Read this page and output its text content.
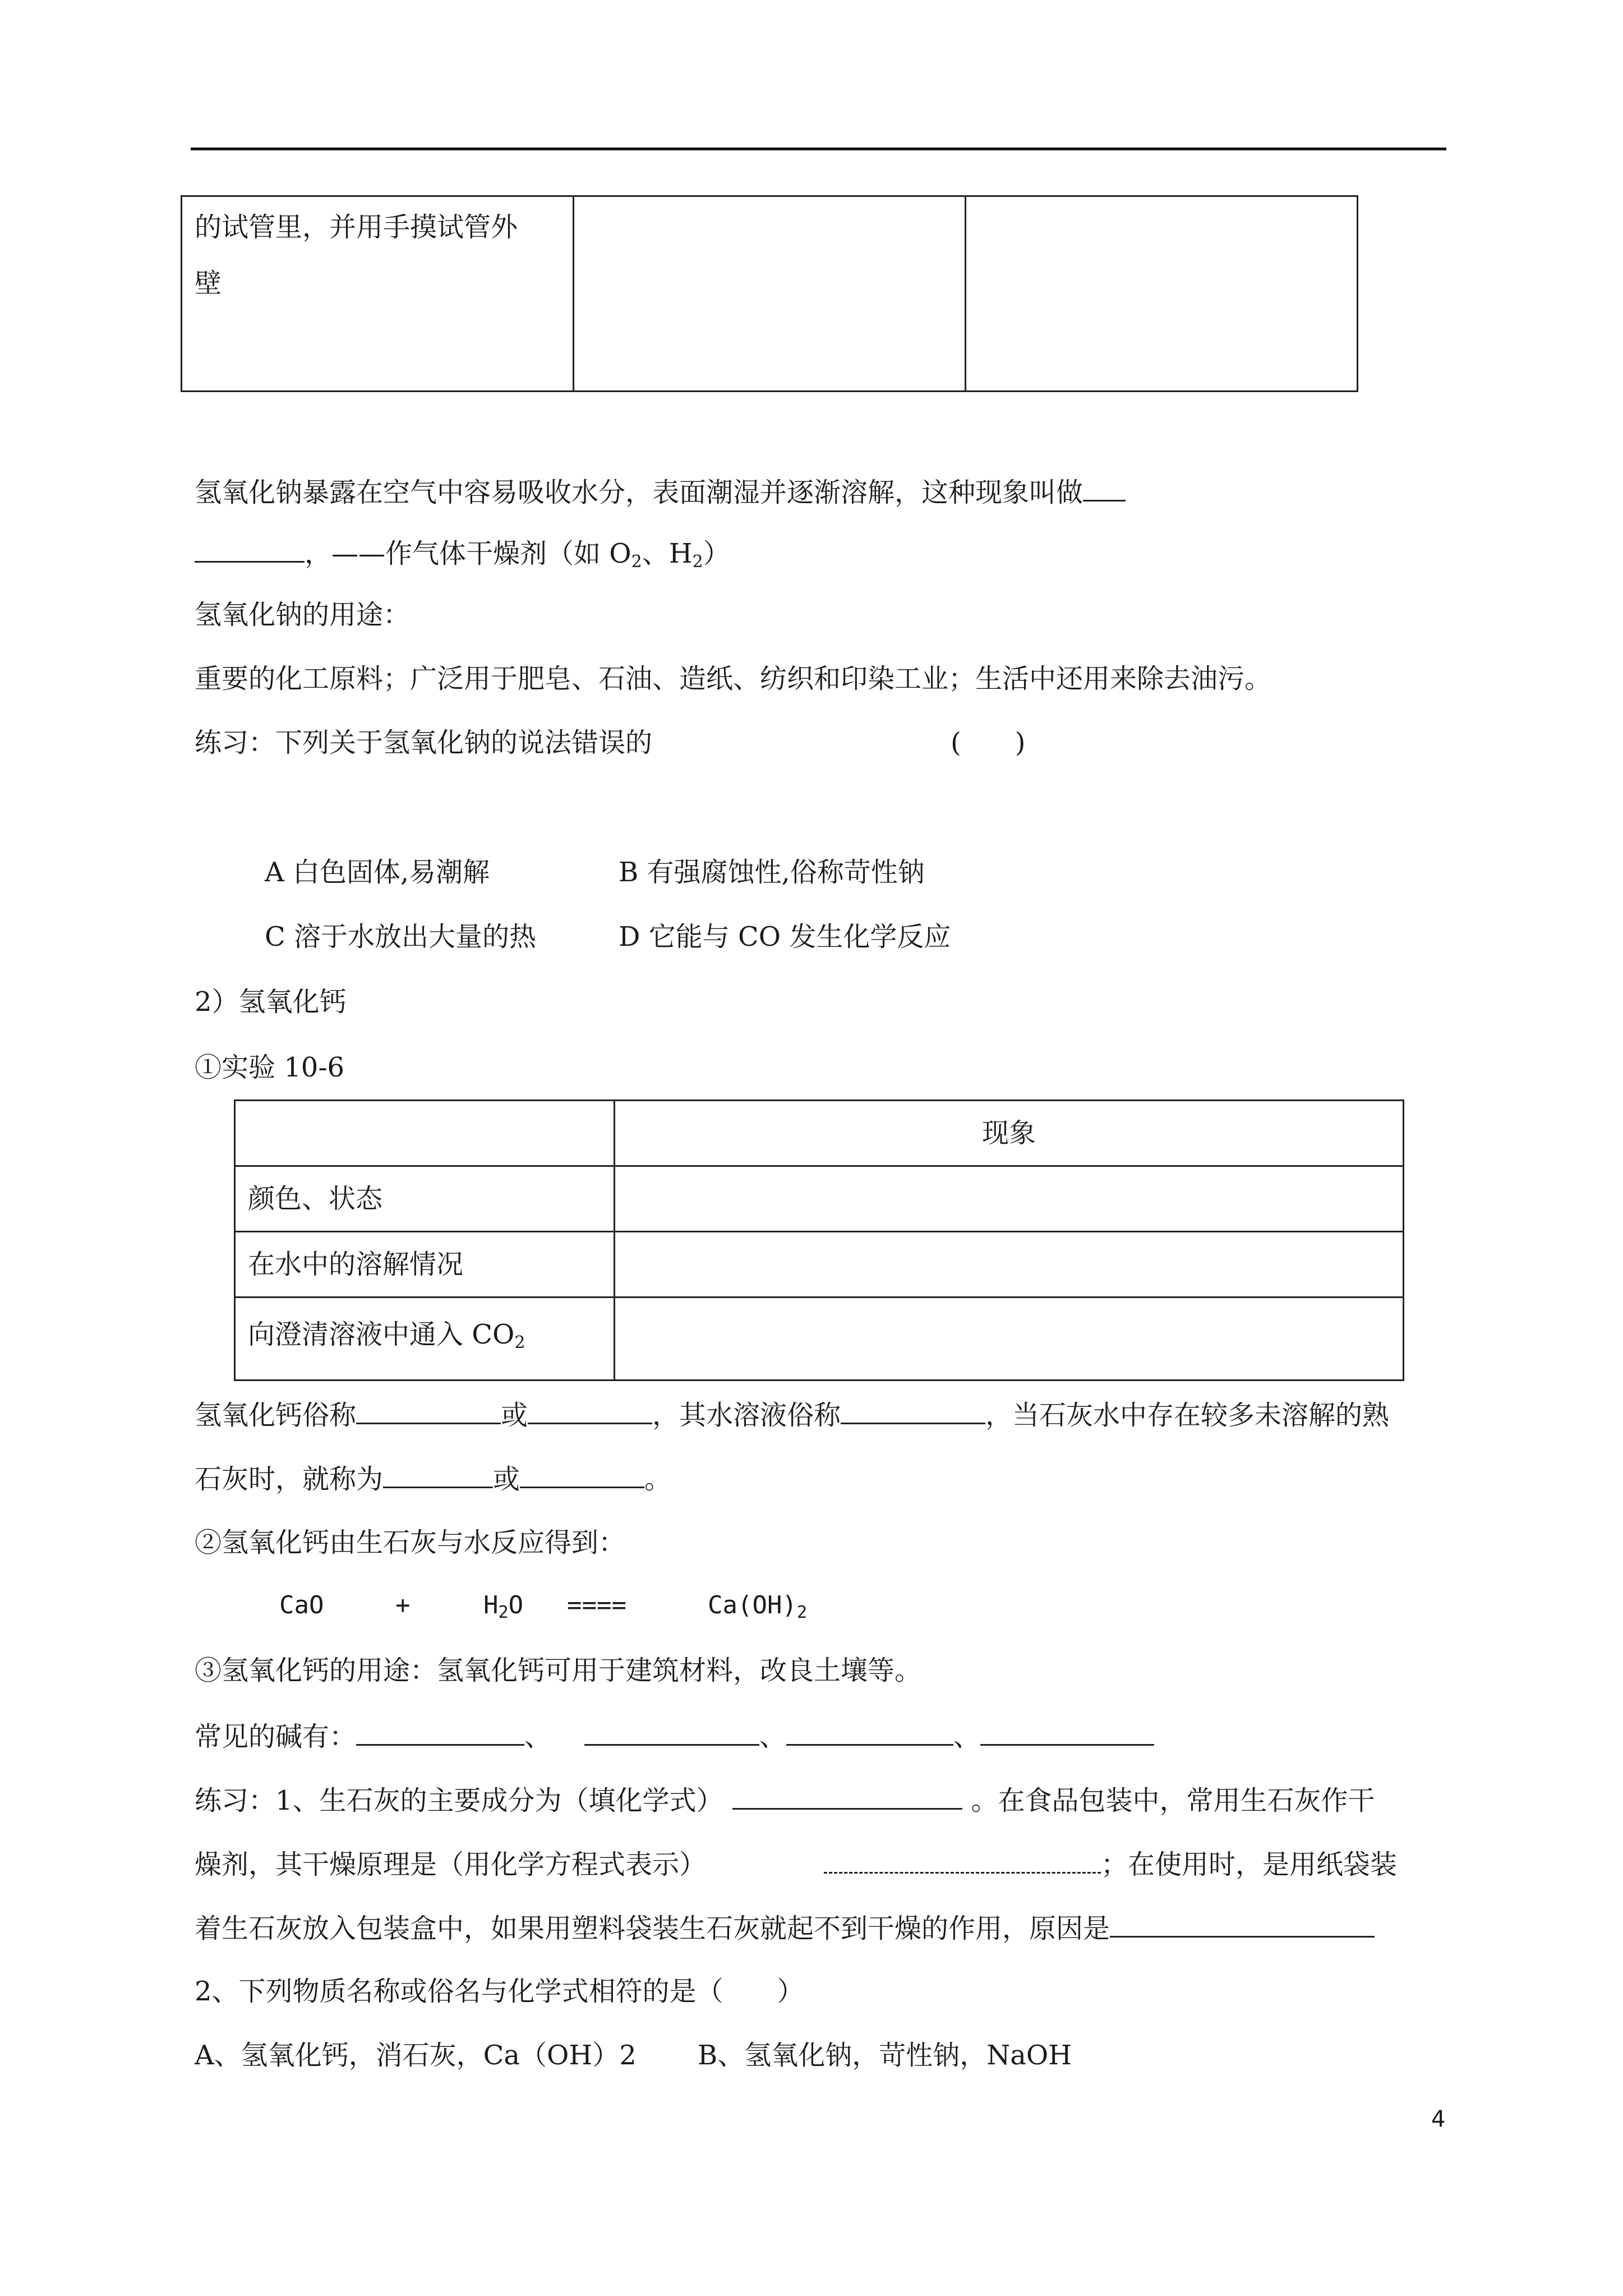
的试管里，并用手摸试管外
壁

氢氧化钠暴露在空气中容易吸收水分，表面潮湿并逐渐溶解，这种现象叫做
，——作气体干燥剂（如 $O_2$、$H_2$）
氢氧化钠的用途：
重要的化工原料；广泛用于肥皂、石油、造纸、纺织和印染工业；生活中还用来除去油污。
练习：下列关于氢氧化钠的说法错误的	(　　)
A 白色固体,易潮解	B 有强腐蚀性,俗称苛性钠
C 溶于水放出大量的热	D 它能与 CO 发生化学反应
2）氢氧化钙
①实验 10-6
	现象
颜色、状态	
在水中的溶解情况	
向澄清溶液中通入 $CO_2$	
氢氧化钙俗称	或	，其水溶液俗称	，当石灰水中存在较多未溶解的熟
石灰时，就称为	或	。
②氢氧化钙由生石灰与水反应得到：
CaO	+	$H_2O$ ====	$Ca(OH)_2$
③氢氧化钙的用途：氢氧化钙可用于建筑材料，改良土壤等。
常见的碱有：	、	、	、
练习：1、生石灰的主要成分为（填化学式）	。在食品包装中，常用生石灰作干
燥剂，其干燥原理是（用化学方程式表示）	；在使用时，是用纸袋装
着生石灰放入包装盒中，如果用塑料袋装生石灰就起不到干燥的作用，原因是
2、下列物质名称或俗名与化学式相符的是（　　）
A、氢氧化钙，消石灰，Ca（OH）2 B、氢氧化钠，苛性钠，NaOH
4
